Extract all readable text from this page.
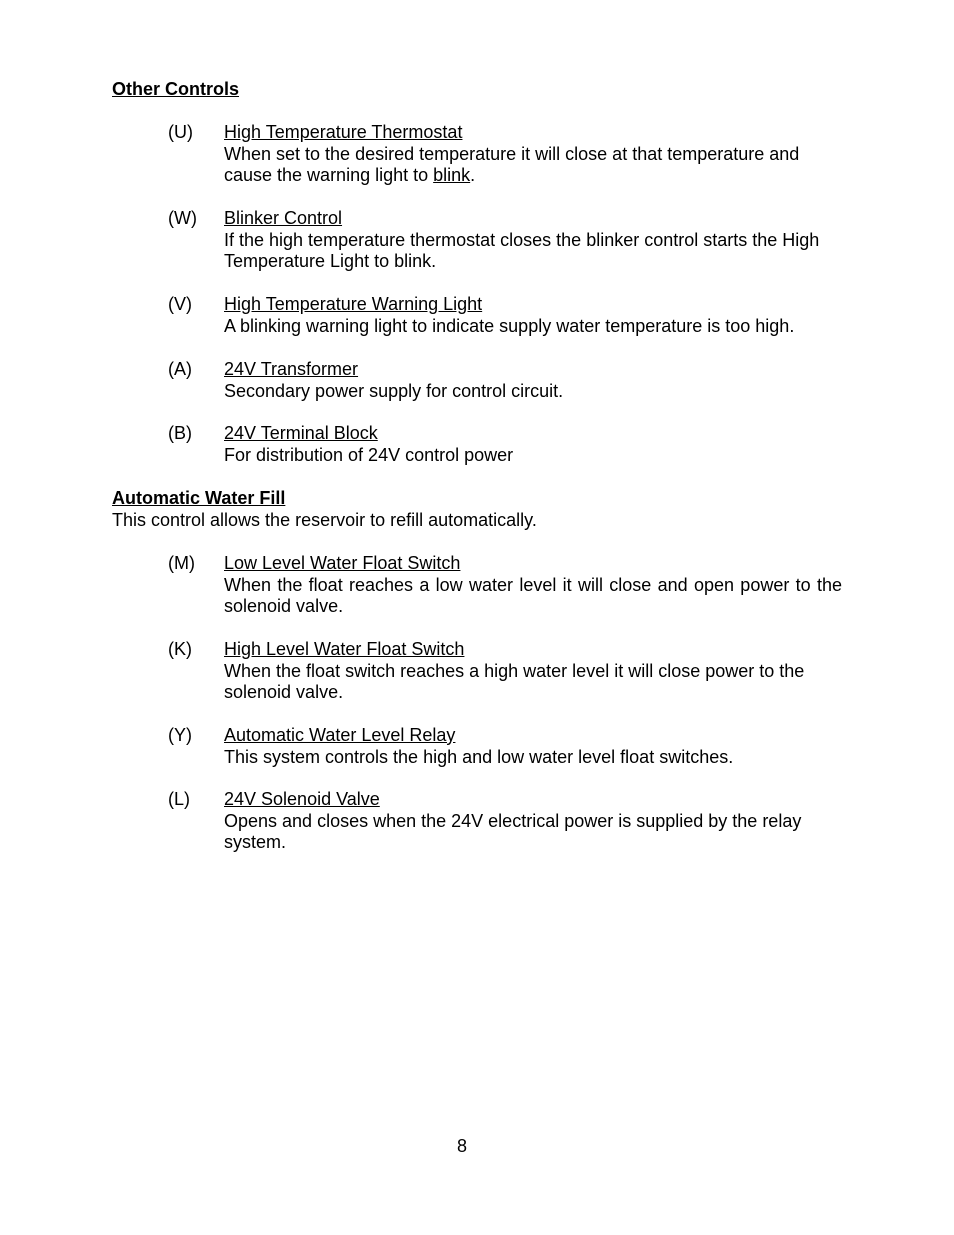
Other Controls
(U) High Temperature Thermostat
When set to the desired temperature it will close at that temperature and cause the warning light to blink.
(W) Blinker Control
If the high temperature thermostat closes the blinker control starts the High Temperature Light to blink.
(V) High Temperature Warning Light
A blinking warning light to indicate supply water temperature is too high.
(A) 24V Transformer
Secondary power supply for control circuit.
(B) 24V Terminal Block
For distribution of 24V control power
Automatic Water Fill

This control allows the reservoir to refill automatically.

(M) Low Level Water Float Switch
When the float reaches a low water level it will close and open power to the solenoid valve.
(K) High Level Water Float Switch
When the float switch reaches a high water level it will close power to the solenoid valve.
(Y) Automatic Water Level Relay
This system controls the high and low water level float switches.
(L) 24V Solenoid Valve
Opens and closes when the 24V electrical power is supplied by the relay system.
8
